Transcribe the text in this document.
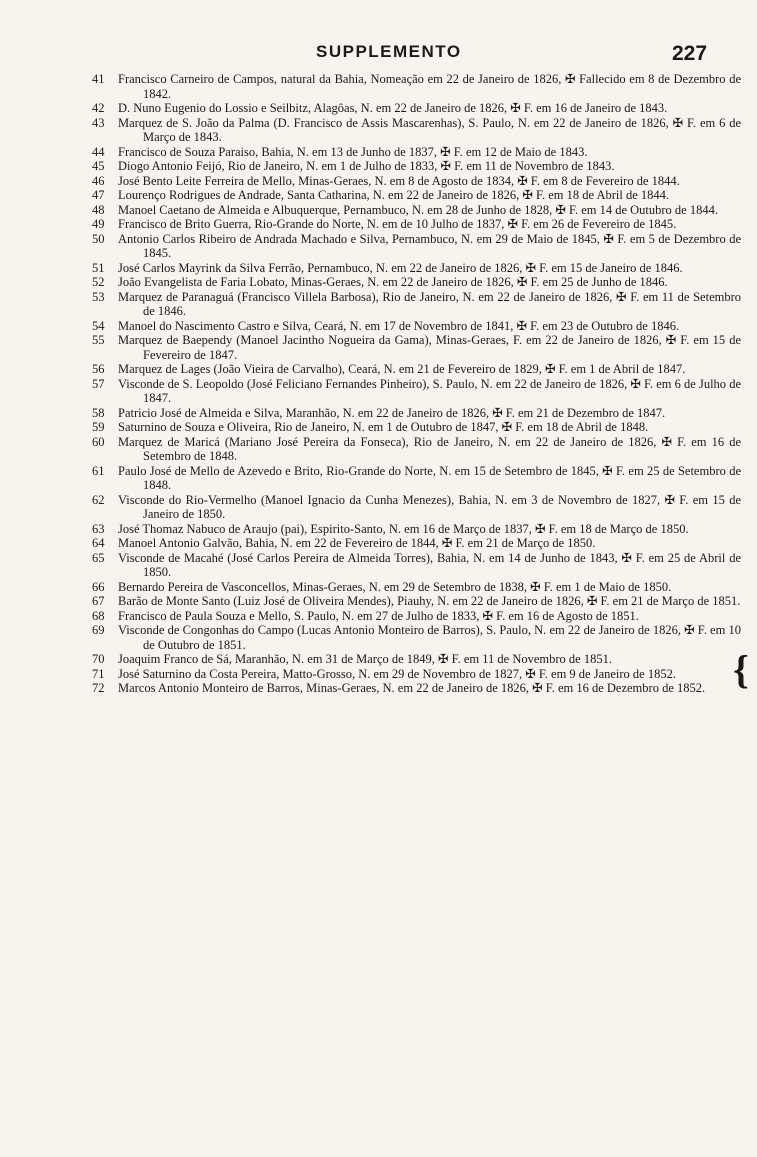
SUPPLEMENTO	227
41	Francisco Carneiro de Campos, natural da Bahia, Nomeação em 22 de Janeiro de 1826, ✠ Fallecido em 8 de Dezembro de 1842.
42	D. Nuno Eugenio do Lossio e Seilbitz, Alagôas, N. em 22 de Janeiro de 1826, ✠ F. em 16 de Janeiro de 1843.
43	Marquez de S. João da Palma (D. Francisco de Assis Mascarenhas), S. Paulo, N. em 22 de Janeiro de 1826, ✠ F. em 6 de Março de 1843.
44	Francisco de Souza Paraiso, Bahia, N. em 13 de Junho de 1837, ✠ F. em 12 de Maio de 1843.
45	Diogo Antonio Feijó, Rio de Janeiro, N. em 1 de Julho de 1833, ✠ F. em 11 de Novembro de 1843.
46	José Bento Leite Ferreira de Mello, Minas-Geraes, N. em 8 de Agosto de 1834, ✠ F. em 8 de Fevereiro de 1844.
47	Lourenço Rodrigues de Andrade, Santa Catharina, N. em 22 de Janeiro de 1826, ✠ F. em 18 de Abril de 1844.
48	Manoel Caetano de Almeida e Albuquerque, Pernambuco, N. em 28 de Junho de 1828, ✠ F. em 14 de Outubro de 1844.
49	Francisco de Brito Guerra, Rio-Grande do Norte, N. em de 10 Julho de 1837, ✠ F. em 26 de Fevereiro de 1845.
50	Antonio Carlos Ribeiro de Andrada Machado e Silva, Pernambuco, N. em 29 de Maio de 1845, ✠ F. em 5 de Dezembro de 1845.
51	José Carlos Mayrink da Silva Ferrão, Pernambuco, N. em 22 de Janeiro de 1826, ✠ F. em 15 de Janeiro de 1846.
52	João Evangelista de Faria Lobato, Minas-Geraes, N. em 22 de Janeiro de 1826, ✠ F. em 25 de Junho de 1846.
53	Marquez de Paranaguá (Francisco Villela Barbosa), Rio de Janeiro, N. em 22 de Janeiro de 1826, ✠ F. em 11 de Setembro de 1846.
54	Manoel do Nascimento Castro e Silva, Ceará, N. em 17 de Novembro de 1841, ✠ F. em 23 de Outubro de 1846.
55	Marquez de Baependy (Manoel Jacintho Nogueira da Gama), Minas-Geraes, F. em 22 de Janeiro de 1826, ✠ F. em 15 de Fevereiro de 1847.
56	Marquez de Lages (João Vieira de Carvalho), Ceará, N. em 21 de Fevereiro de 1829, ✠ F. em 1 de Abril de 1847.
57	Visconde de S. Leopoldo (José Feliciano Fernandes Pinheiro), S. Paulo, N. em 22 de Janeiro de 1826, ✠ F. em 6 de Julho de 1847.
58	Patricio José de Almeida e Silva, Maranhão, N. em 22 de Janeiro de 1826, ✠ F. em 21 de Dezembro de 1847.
59	Saturnino de Souza e Oliveira, Rio de Janeiro, N. em 1 de Outubro de 1847, ✠ F. em 18 de Abril de 1848.
60	Marquez de Maricá (Mariano José Pereira da Fonseca), Rio de Janeiro, N. em 22 de Janeiro de 1826, ✠ F. em 16 de Setembro de 1848.
61	Paulo José de Mello de Azevedo e Brito, Rio-Grande do Norte, N. em 15 de Setembro de 1845, ✠ F. em 25 de Setembro de 1848.
62	Visconde do Rio-Vermelho (Manoel Ignacio da Cunha Menezes), Bahia, N. em 3 de Novembro de 1827, ✠ F. em 15 de Janeiro de 1850.
63	José Thomaz Nabuco de Araujo (pai), Espirito-Santo, N. em 16 de Março de 1837, ✠ F. em 18 de Março de 1850.
64	Manoel Antonio Galvão, Bahia, N. em 22 de Fevereiro de 1844, ✠ F. em 21 de Março de 1850.
65	Visconde de Macahé (José Carlos Pereira de Almeida Torres), Bahia, N. em 14 de Junho de 1843, ✠ F. em 25 de Abril de 1850.
66	Bernardo Pereira de Vasconcellos, Minas-Geraes, N. em 29 de Setembro de 1838, ✠ F. em 1 de Maio de 1850.
67	Barão de Monte Santo (Luiz José de Oliveira Mendes), Piauhy, N. em 22 de Janeiro de 1826, ✠ F. em 21 de Março de 1851.
68	Francisco de Paula Souza e Mello, S. Paulo, N. em 27 de Julho de 1833, ✠ F. em 16 de Agosto de 1851.
69	Visconde de Congonhas do Campo (Lucas Antonio Monteiro de Barros), S. Paulo, N. em 22 de Janeiro de 1826, ✠ F. em 10 de Outubro de 1851.
70	Joaquim Franco de Sá, Maranhão, N. em 31 de Março de 1849, ✠ F. em 11 de Novembro de 1851.
71	José Saturnino da Costa Pereira, Matto-Grosso, N. em 29 de Novembro de 1827, ✠ F. em 9 de Janeiro de 1852.
72	Marcos Antonio Monteiro de Barros, Minas-Geraes, N. em 22 de Janeiro de 1826, ✠ F. em 16 de Dezembro de 1852. {
